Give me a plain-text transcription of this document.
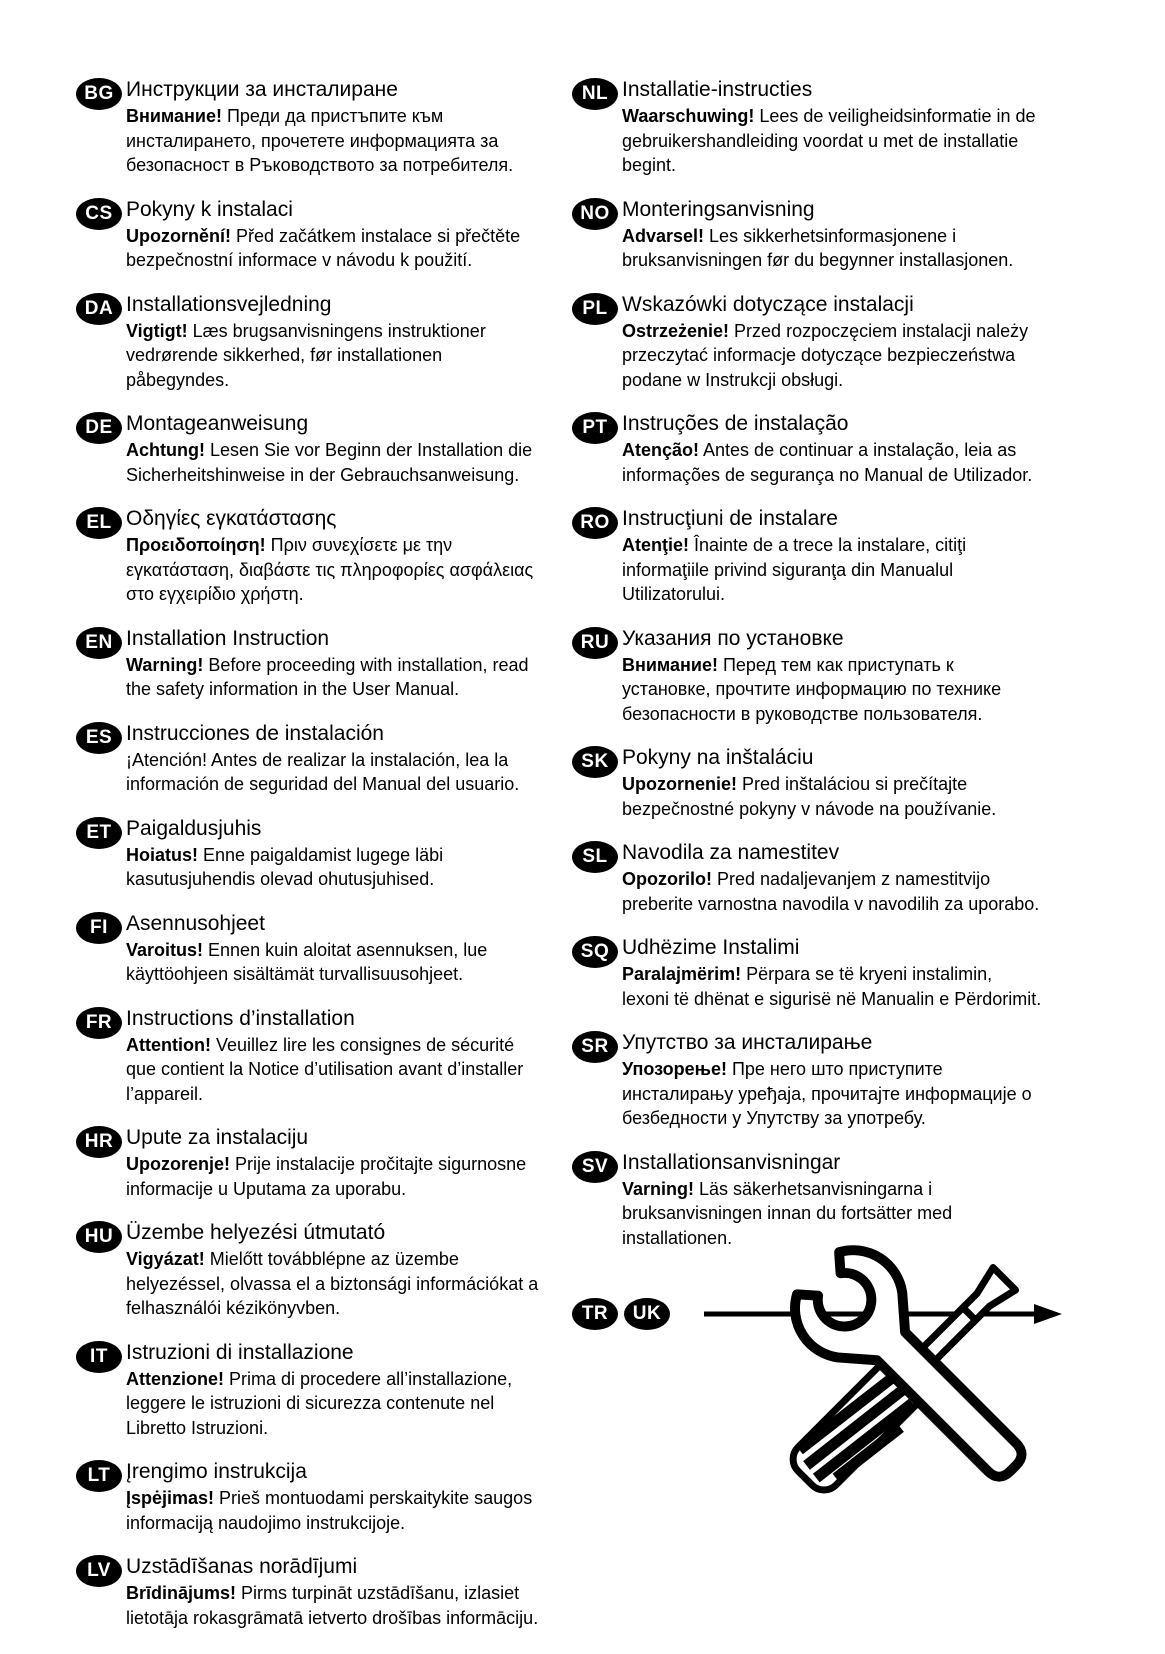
BG Инструкции за инсталиране

Внимание! Преди да пристъпите към инсталирането, прочетете информацията за безопасност в Ръководството за потребителя.

CS Pokyny k instalaci

Upozornění! Před začátkem instalace si přečtěte bezpečnostní informace v návodu k použití.

DA Installationsvejledning

Vigtigt! Læs brugsanvisningens instruktioner vedrørende sikkerhed, før installationen påbegyndes.

DE Montageanweisung

Achtung! Lesen Sie vor Beginn der Installation die Sicherheitshinweise in der Gebrauchsanweisung.

EL Οδηγίες εγκατάστασης

Προειδοποίηση! Πριν συνεχίσετε με την εγκατάσταση, διαβάστε τις πληροφορίες ασφάλειας στο εγχειρίδιο χρήστη.

EN Installation Instruction

Warning! Before proceeding with installation, read the safety information in the User Manual.

ES Instrucciones de instalación

¡Atención! Antes de realizar la instalación, lea la información de seguridad del Manual del usuario.

ET Paigaldusjuhis

Hoiatus! Enne paigaldamist lugege läbi kasutusjuhendis olevad ohutusjuhised.

FI Asennusohjeet

Varoitus! Ennen kuin aloitat asennuksen, lue käyttöohjeen sisältämät turvallisuusohjeet.

FR Instructions d’installation

Attention! Veuillez lire les consignes de sécurité que contient la Notice d’utilisation avant d’installer l’appareil.

HR Upute za instalaciju

Upozorenje! Prije instalacije pročitajte sigurnosne informacije u Uputama za uporabu.

HU Üzembe helyezési útmutató

Vigyázat! Mielőtt továbblépne az üzembe helyezéssel, olvassa el a biztonsági információkat a felhasználói kézikönyvben.

IT Istruzioni di installazione

Attenzione! Prima di procedere all’installazione, leggere le istruzioni di sicurezza contenute nel Libretto Istruzioni.

LT Įrengimo instrukcija

Įspėjimas! Prieš montuodami perskaitykite saugos informaciją naudojimo instrukcijoje.

LV Uzstādīšanas norādījumi

Brīdinājums! Pirms turpināt uzstādīšanu, izlasiet lietotāja rokasgrāmatā ietverto drošības informāciju.

NL Installatie-instructies

Waarschuwing! Lees de veiligheidsinformatie in de gebruikershandleiding voordat u met de installatie begint.

NO Monteringsanvisning

Advarsel! Les sikkerhetsinformasjonene i bruksanvisningen før du begynner installasjonen.

PL Wskazówki dotyczące instalacji

Ostrzeżenie! Przed rozpoczęciem instalacji należy przeczytać informacje dotyczące bezpieczeństwa podane w Instrukcji obsługi.

PT Instruções de instalação

Atenção! Antes de continuar a instalação, leia as informações de segurança no Manual de Utilizador.

RO Instrucţiuni de instalare

Atenţie! Înainte de a trece la instalare, citiţi informaţiile privind siguranţa din Manualul Utilizatorului.

RU Указания по установке

Внимание! Перед тем как приступать к установке, прочтите информацию по технике безопасности в руководстве пользователя.

SK Pokyny na inštaláciu

Upozornenie! Pred inštaláciou si prečítajte bezpečnostné pokyny v návode na používanie.

SL Navodila za namestitev

Opozorilo! Pred nadaljevanjem z namestitvijo preberite varnostna navodila v navodilih za uporabo.

SQ Udhëzime Instalimi

Paralajmërim! Përpara se të kryeni instalimin, lexoni të dhënat e sigurisë në Manualin e Përdorimit.

SR Упутство за инсталирање

Упозорење! Пре него што приступите инсталирању уређаја, прочитајте информације о безбедности у Упутству за употребу.

SV Installationsanvisningar

Varning! Läs säkerhetsanvisningarna i bruksanvisningen innan du fortsätter med installationen.

TR	UK
